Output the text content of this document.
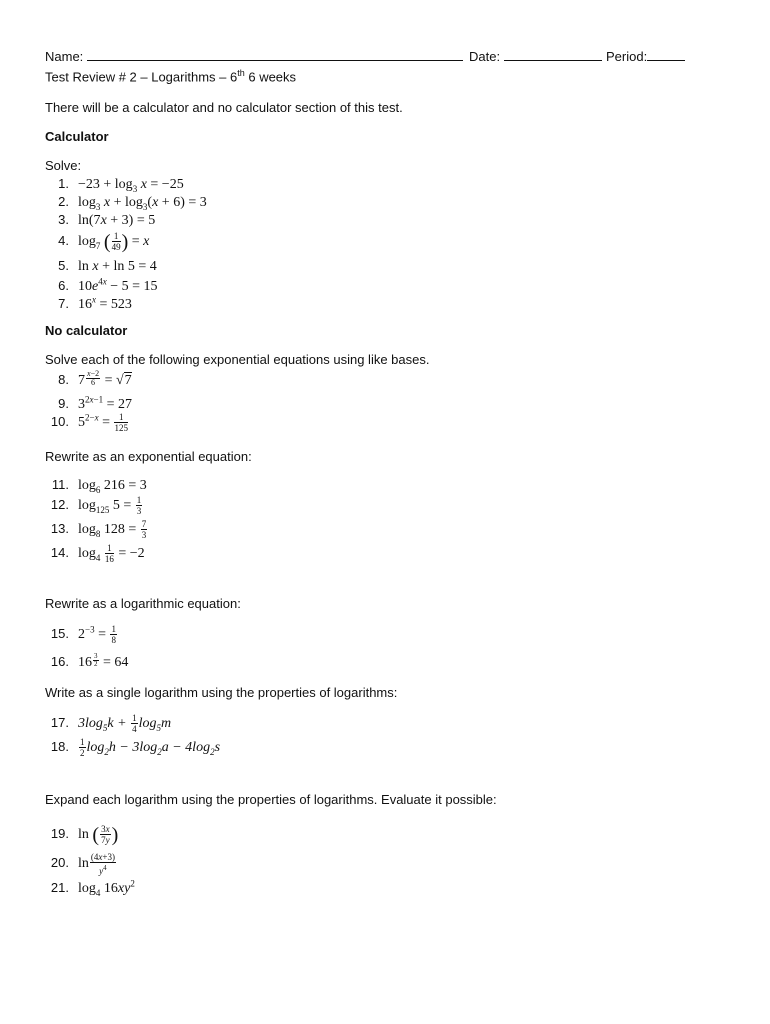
Name:	Date:	Period:
Test Review # 2 – Logarithms – 6th 6 weeks
There will be a calculator and no calculator section of this test.
Calculator
Solve:
1. $-23 + \log_3 x = -25$
2. $\log_3 x + \log_3(x + 6) = 3$
3. ln(7x + 3) = 5
4. $\log_7$ ( $\frac{1}{49}$ ) = x
5. ln x + ln 5 = 4
6. $10e^{4x} - 5 = 15$
7. $16^x = 523$
No calculator
Solve each of the following exponential equations using like bases.
8. $7 \frac{x-2}{6} = √7$
9. $3^{2x-1} = 27$
10. $5^{2-x} = \frac{1}{125}$
Rewrite as an exponential equation:
11. $\log_6 216 = 3$
12. $\log_{125} 5 = \frac{1}{3}$
13. $\log_8 128 = \frac{7}{3}$
14. $\log_4 \frac{1}{16} = -2$
Rewrite as a logarithmic equation:
15. $2^{-3} = \frac{1}{8}$
16. $16 \frac{3}{2} = 64$
Write as a single logarithm using the properties of logarithms:
17. $3\log_5k + \frac{1}{4} \log_5m$
18. $\frac{1}{2} \log_2h - 3\log_2a - 4\log_2s$
Expand each logarithm using the properties of logarithms. Evaluate it possible:
19. ln ( $\frac{3x}{7y}$ )
20. $\ln \frac{(4x+3)}{y^4}$
21. $\log_4 16xy^2$
